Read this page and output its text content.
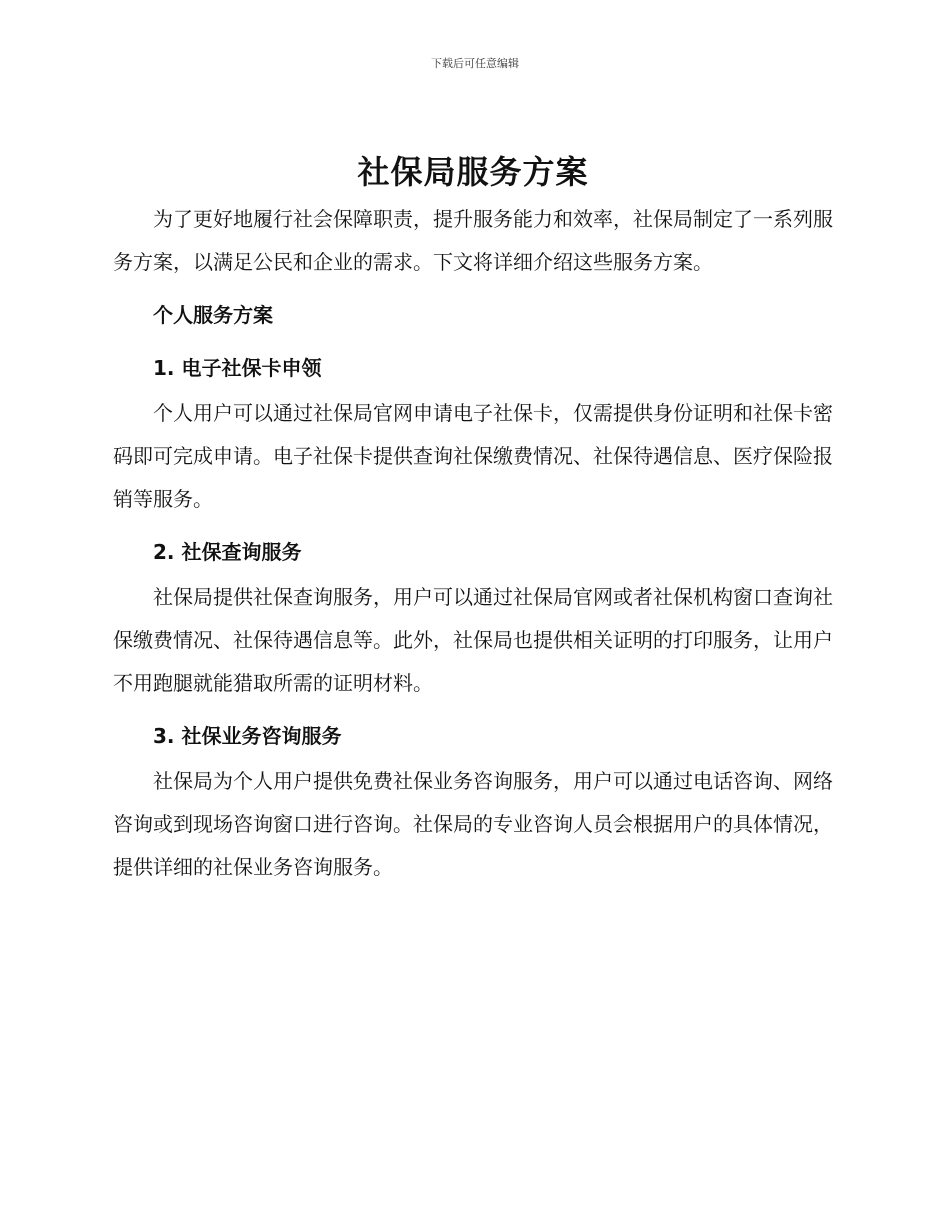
下载后可任意编辑
社保局服务方案

为了更好地履行社会保障职责，提升服务能力和效率，社保局制定了一系列服务方案，以满足公民和企业的需求。下文将详细介绍这些服务方案。

个人服务方案
1. 电子社保卡申领

个人用户可以通过社保局官网申请电子社保卡，仅需提供身份证明和社保卡密码即可完成申请。电子社保卡提供查询社保缴费情况、社保待遇信息、医疗保险报销等服务。

2. 社保查询服务

社保局提供社保查询服务，用户可以通过社保局官网或者社保机构窗口查询社保缴费情况、社保待遇信息等。此外，社保局也提供相关证明的打印服务，让用户不用跑腿就能猎取所需的证明材料。

3. 社保业务咨询服务

社保局为个人用户提供免费社保业务咨询服务，用户可以通过电话咨询、网络咨询或到现场咨询窗口进行咨询。社保局的专业咨询人员会根据用户的具体情况，提供详细的社保业务咨询服务。
